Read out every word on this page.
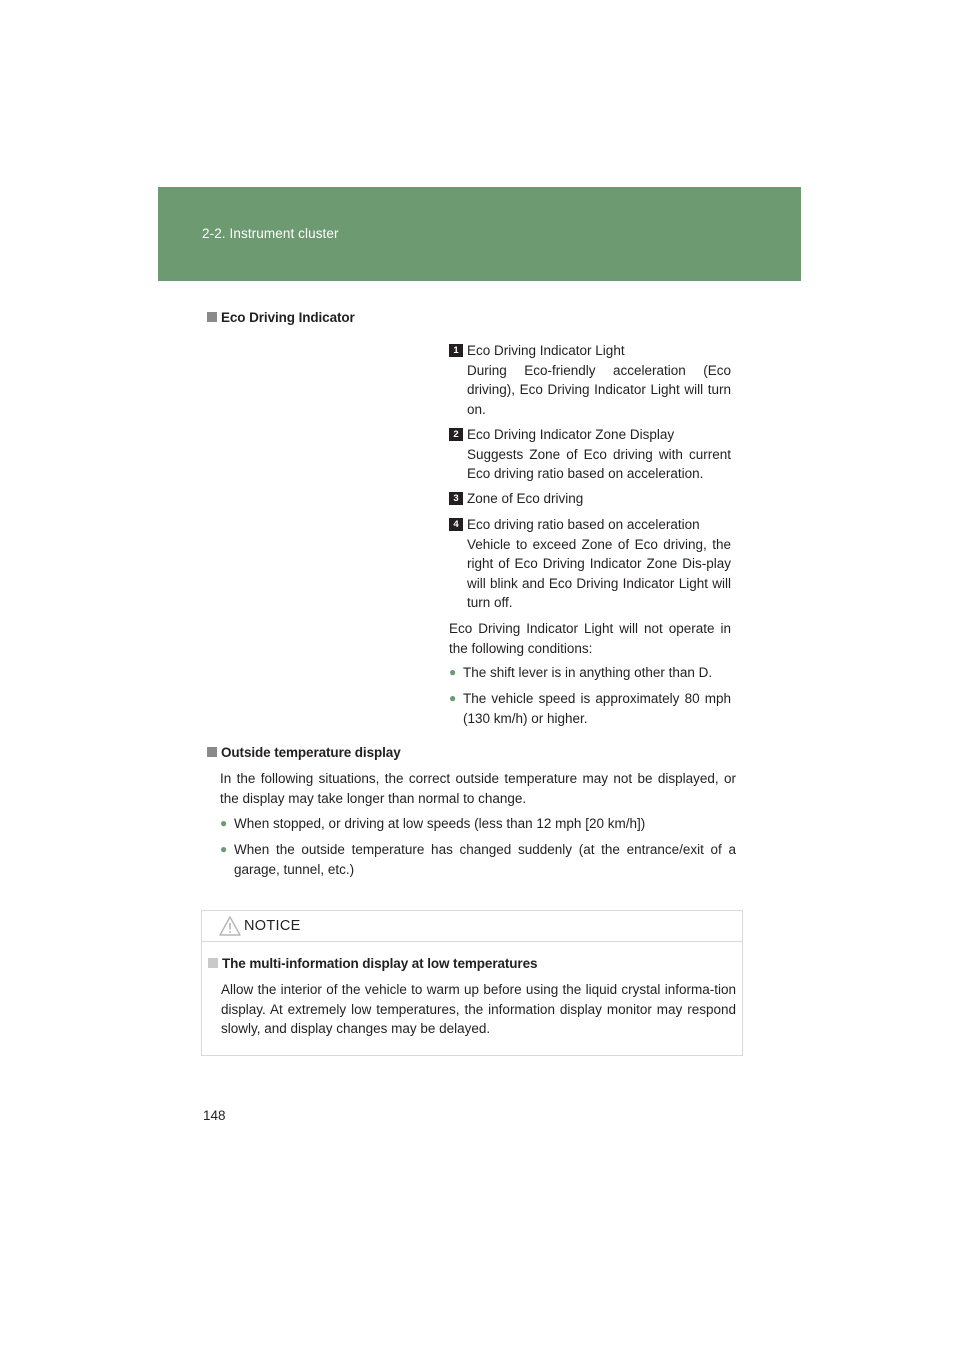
2-2. Instrument cluster
Eco Driving Indicator
1 Eco Driving Indicator Light
During Eco-friendly acceleration (Eco driving), Eco Driving Indicator Light will turn on.
2 Eco Driving Indicator Zone Display
Suggests Zone of Eco driving with current Eco driving ratio based on acceleration.
3 Zone of Eco driving
4 Eco driving ratio based on acceleration
Vehicle to exceed Zone of Eco driving, the right of Eco Driving Indicator Zone Dis-play will blink and Eco Driving Indicator Light will turn off.
Eco Driving Indicator Light will not operate in the following conditions:
● The shift lever is in anything other than D.
● The vehicle speed is approximately 80 mph (130 km/h) or higher.
Outside temperature display
In the following situations, the correct outside temperature may not be displayed, or the display may take longer than normal to change.
● When stopped, or driving at low speeds (less than 12 mph [20 km/h])
● When the outside temperature has changed suddenly (at the entrance/exit of a garage, tunnel, etc.)
NOTICE
The multi-information display at low temperatures
Allow the interior of the vehicle to warm up before using the liquid crystal informa-tion display. At extremely low temperatures, the information display monitor may respond slowly, and display changes may be delayed.
148
